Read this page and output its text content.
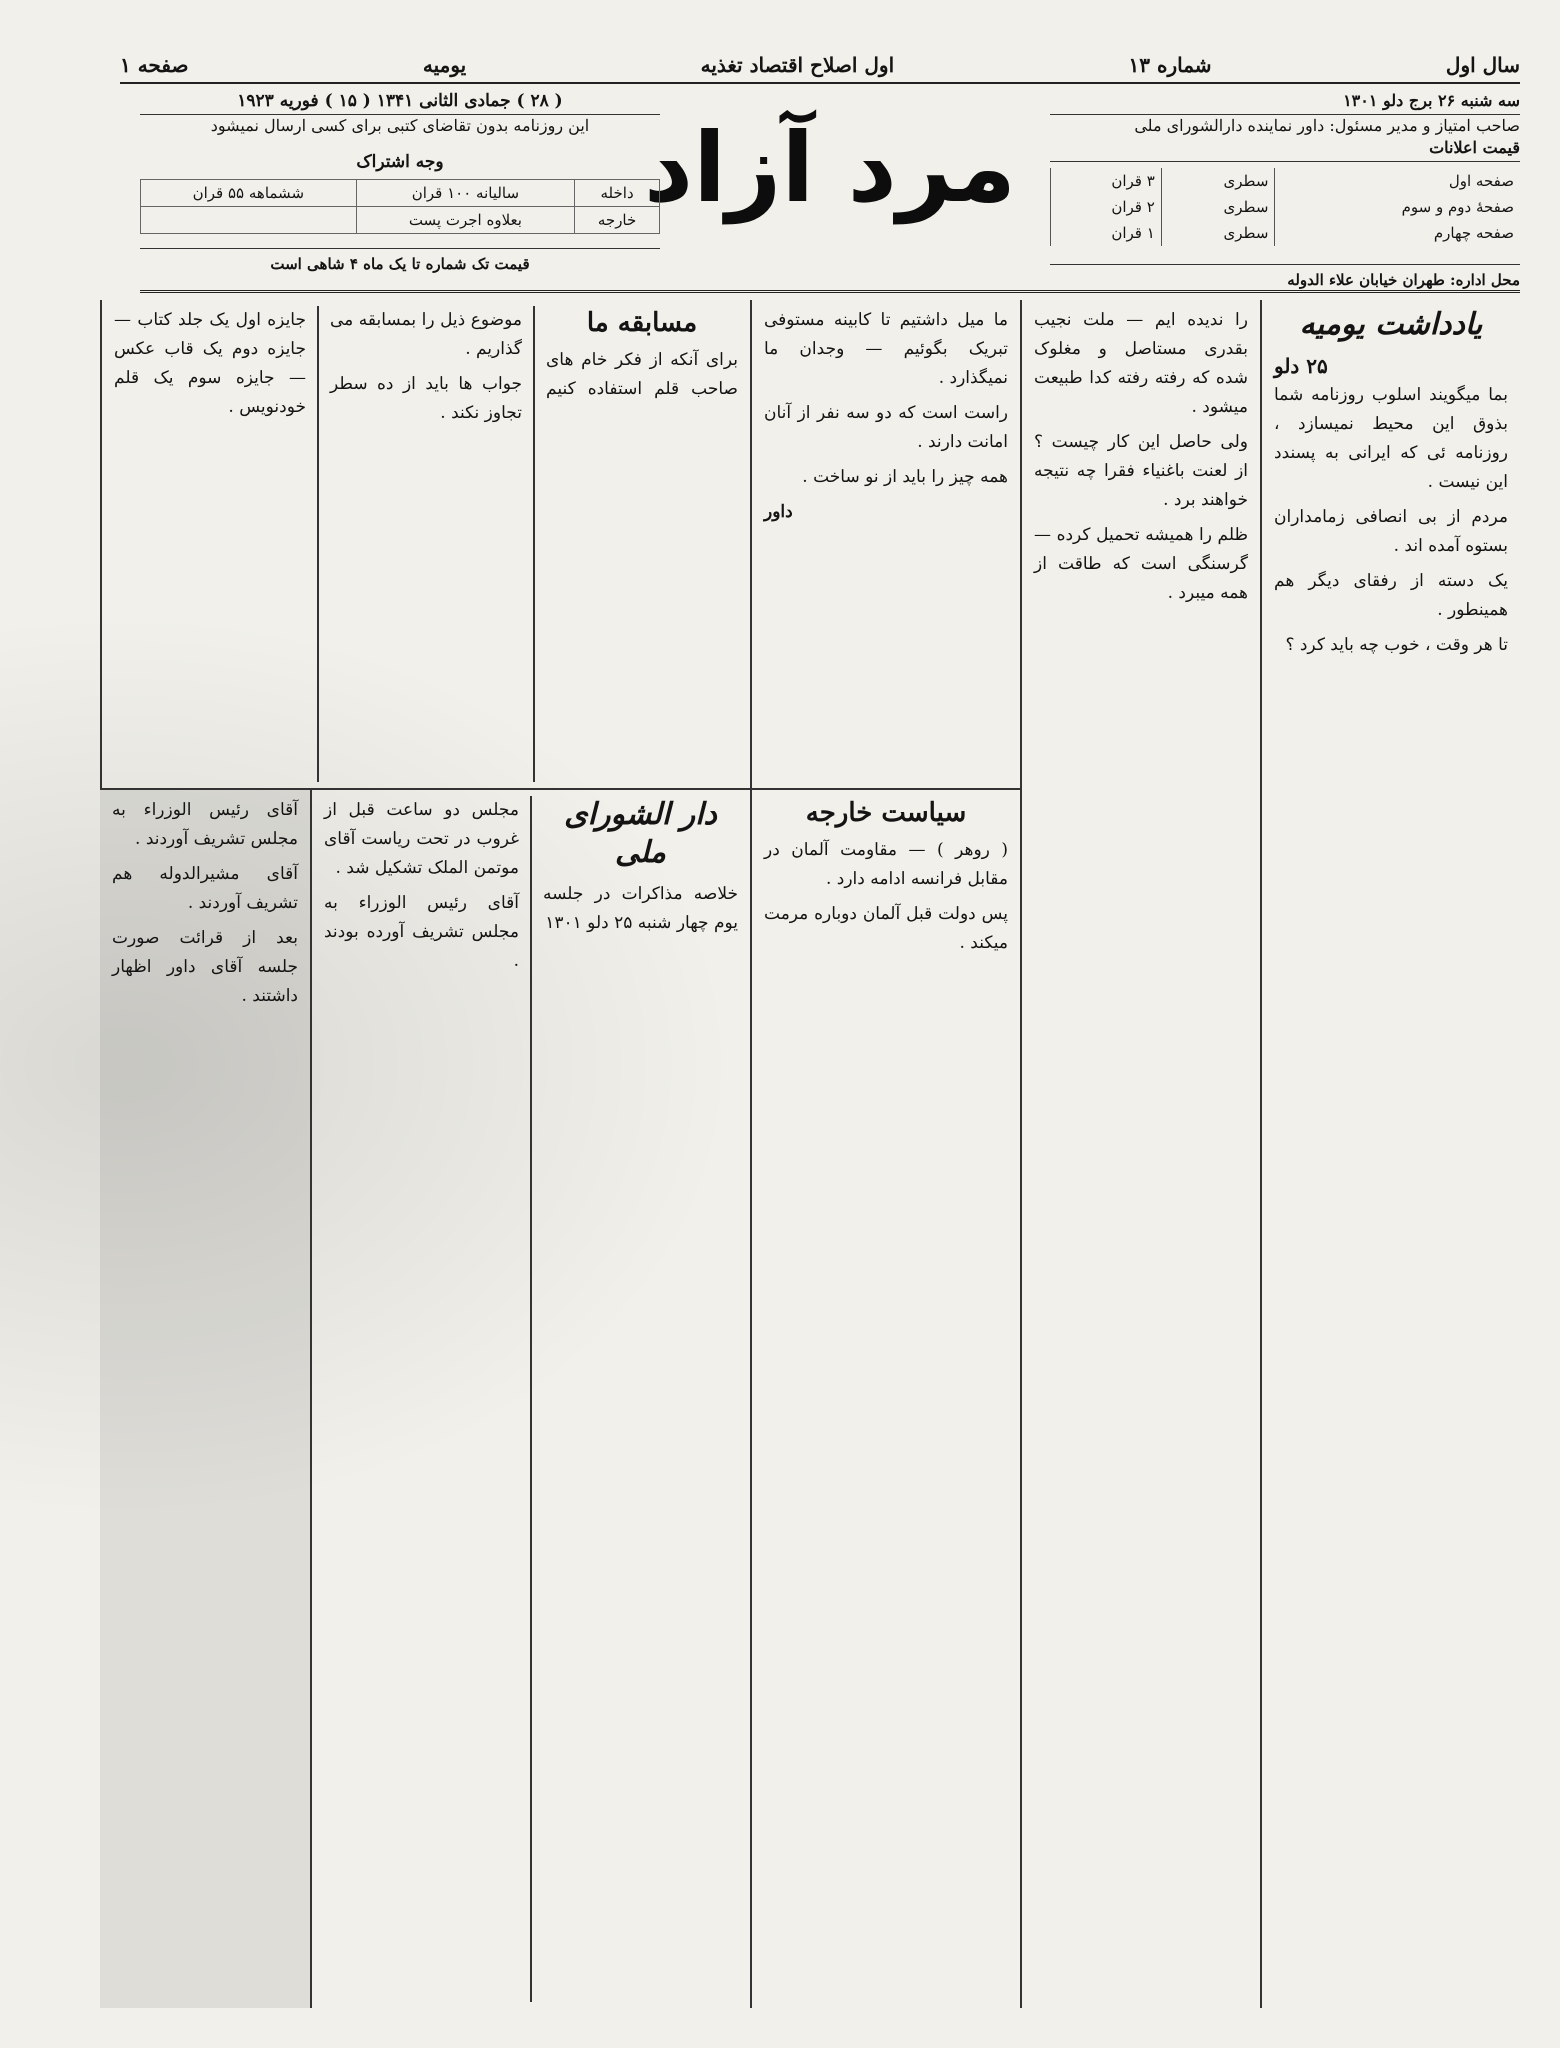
سال اول
شماره ۱۳
اول اصلاح اقتصاد تغذیه
یومیه
صفحه ۱
سه شنبه ۲۶ برج دلو ۱۳۰۱
صاحب امتیاز و مدیر مسئول: داور نماینده دارالشورای ملی
قیمت اعلانات
صفحه اول	سطری	۳ قران
صفحهٔ دوم و سوم	سطری	۲ قران
صفحه چهارم	سطری	۱ قران
محل اداره: طهران خیابان علاء الدوله
مرد آزاد
( ۲۸ ) جمادی الثانی ۱۳۴۱ ( ۱۵ ) فوریه ۱۹۲۳
این روزنامه بدون تقاضای کتبی برای کسی ارسال نمیشود
وجه اشتراک
داخله	سالیانه ۱۰۰ قران	ششماهه ۵۵ قران
خارجه	بعلاوه اجرت پست	
قیمت تک شماره تا یک ماه ۴ شاهی است
یادداشت یومیه
۲۵ دلو

بما میگویند اسلوب روزنامه شما بذوق این محیط نمیسازد ، روزنامه ئی که ایرانی به پسندد این نیست .

مردم از بی انصافی زمامداران بستوه آمده اند .

یک دسته از رفقای دیگر هم همینطور .

تا هر وقت ، خوب چه باید کرد ؟

را ندیده ایم — ملت نجیب بقدری مستاصل و مغلوک شده که رفته رفته کدا طبیعت میشود .

ولی حاصل این کار چیست ؟ از لعنت باغنیاء فقرا چه نتیجه خواهند برد .

ظلم را همیشه تحمیل کرده — گرسنگی است که طاقت از همه میبرد .

ما میل داشتیم تا کابینه مستوفی تبریک بگوئیم — وجدان ما نمیگذارد .

راست است که دو سه نفر از آنان امانت دارند .

همه چیز را باید از نو ساخت .

داور

سیاست خارجه

( روهر ) — مقاومت آلمان در مقابل فرانسه ادامه دارد .

پس دولت قبل آلمان دوباره مرمت میکند .

مسابقه ما

برای آنکه از فکر خام های صاحب قلم استفاده کنیم موضوع ذیل را بمسابقه می گذاریم .

جواب ها باید از ده سطر تجاوز نکند .

جایزه اول یک جلد کتاب — جایزه دوم یک قاب عکس — جایزه سوم یک قلم خودنویس .

دار الشوراى ملى

خلاصه مذاکرات در جلسه یوم چهار شنبه ۲۵ دلو ۱۳۰۱

مجلس دو ساعت قبل از غروب در تحت ریاست آقای موتمن الملک تشکیل شد .

آقای رئیس الوزراء به مجلس تشریف آورده بودند .

آقای رئیس الوزراء به مجلس تشریف آوردند .

آقای مشیرالدوله هم تشریف آوردند .

بعد از قرائت صورت جلسه آقای داور اظهار داشتند .
